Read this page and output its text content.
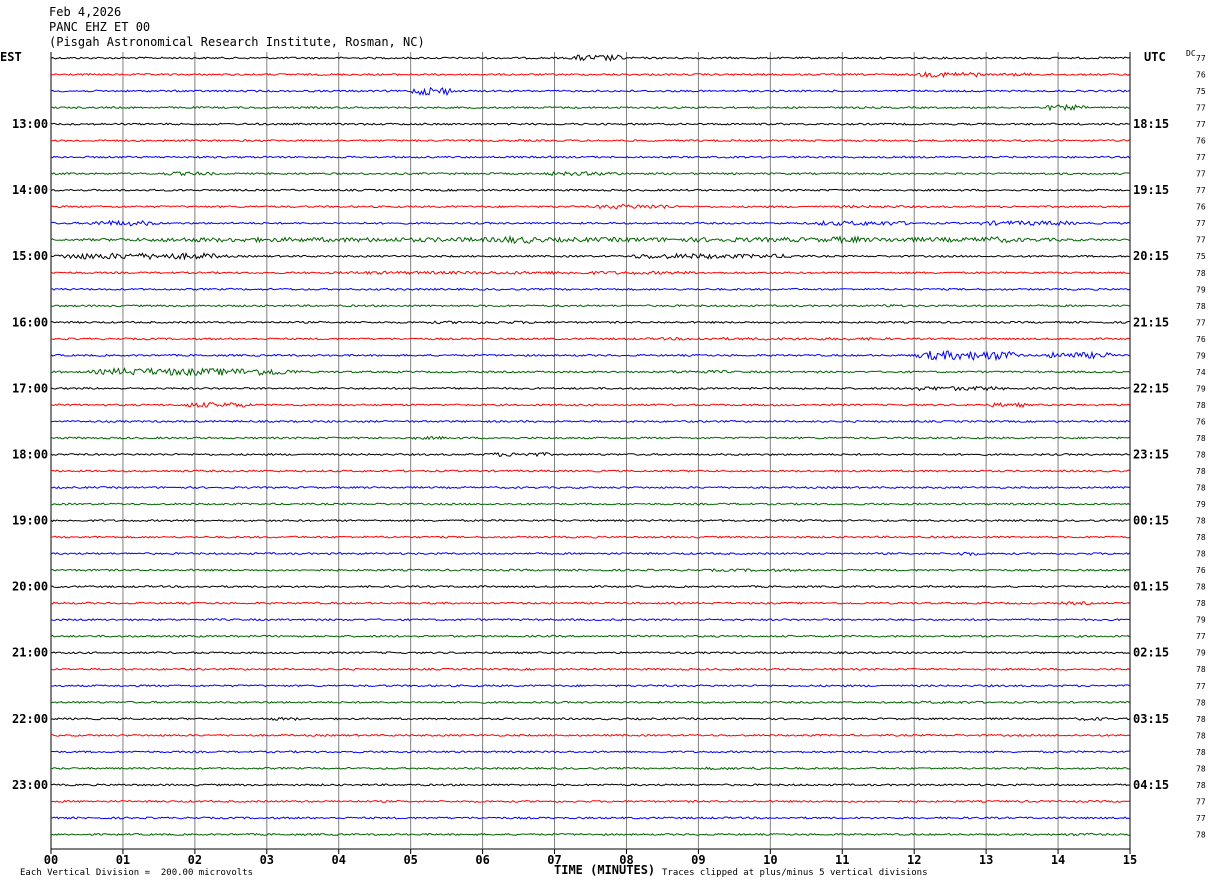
Feb 4,2026
PANC EHZ ET 00
(Pisgah Astronomical Research Institute, Rosman, NC)
EST	UTC	DC
00	01	02	03	04	05	06	07	08	09	10	11	12	13	14	15
77
76
75
77
77
76
77
77
77
76
77
77
75
78
79
78
77
76
79
74
79
78
76
78
78
78
78
79
78
78
78
76
78
78
79
77
79
78
77
78
78
78
78
78
78
77
77
78
13:00	18:15
14:00	19:15
15:00	20:15
16:00	21:15
17:00	22:15
18:00	23:15
19:00	00:15
20:00	01:15
21:00	02:15
22:00	03:15
23:00	04:15
Each Vertical Division =  200.00 microvolts	TIME (MINUTES) Traces clipped at plus/minus 5 vertical divisions
